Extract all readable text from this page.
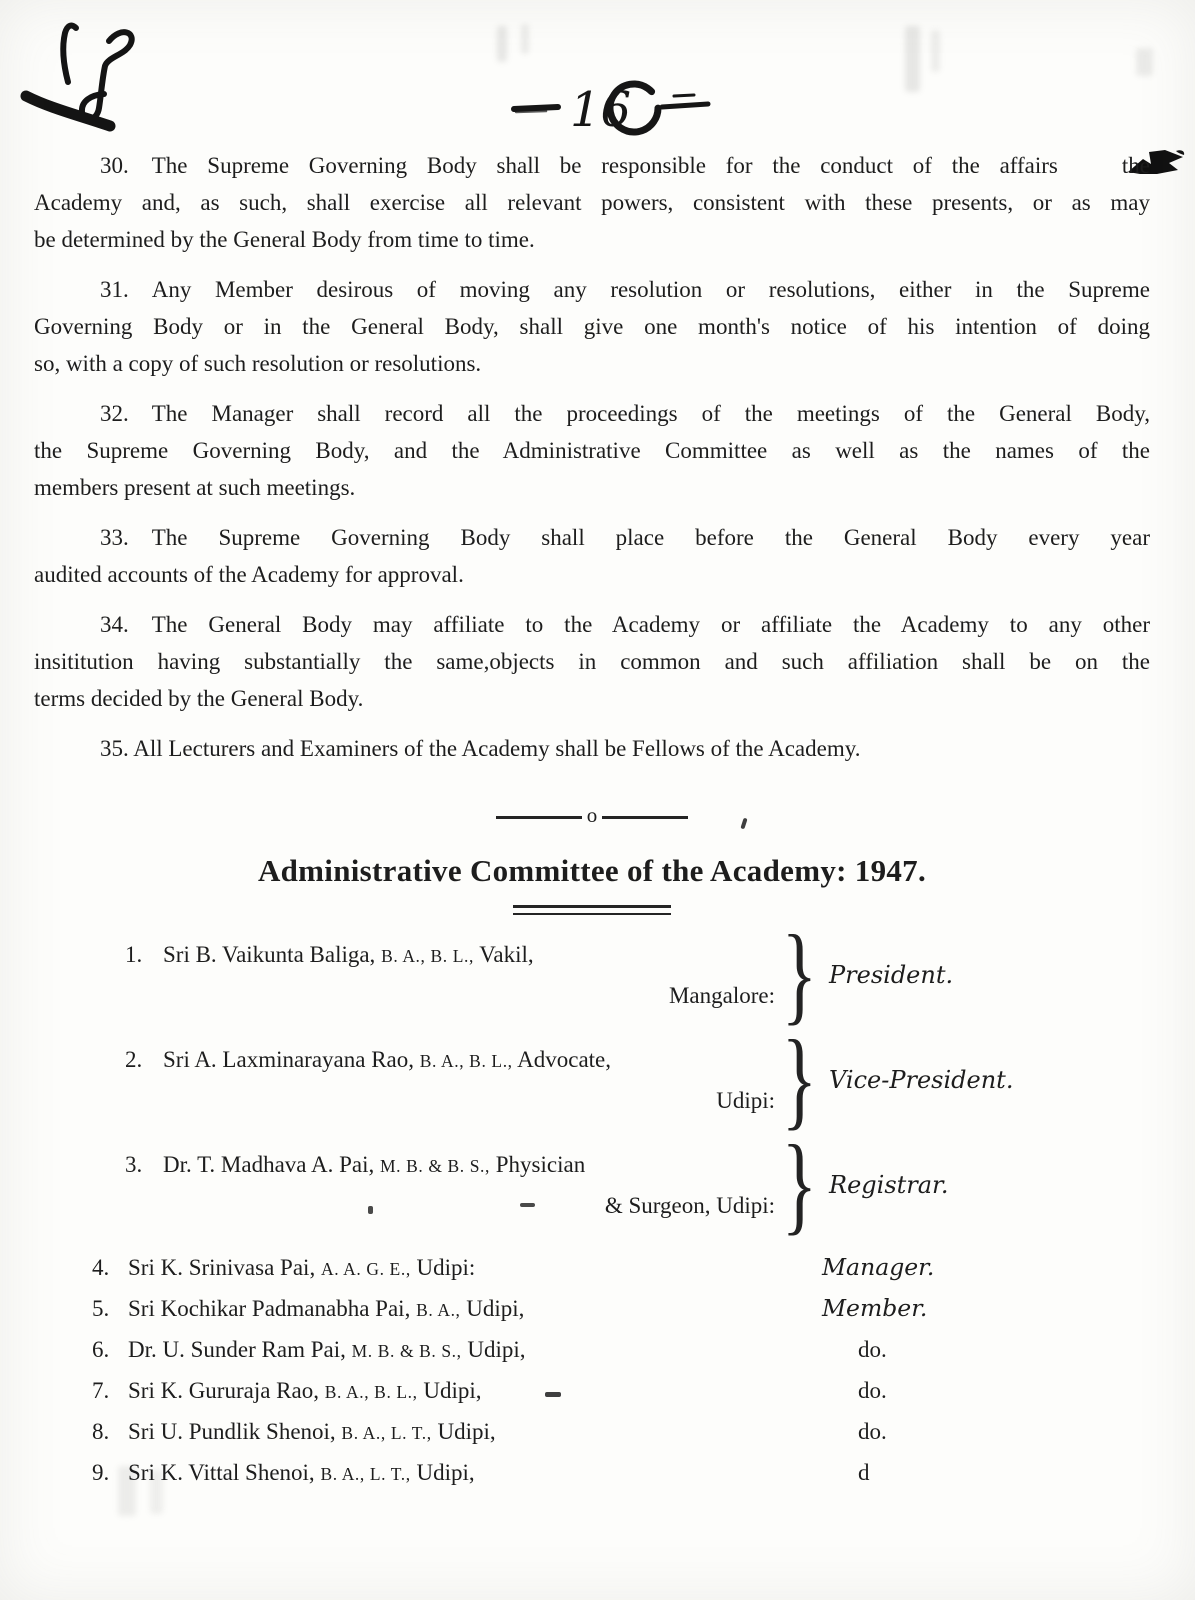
16
30. The Supreme Governing Body shall be responsible for the conduct of the affairs	the
Academy and, as such, shall exercise all relevant powers, consistent with these presents, or as may
be determined by the General Body from time to time.
31. Any Member desirous of moving any resolution or resolutions, either in the Supreme
Governing Body or in the General Body, shall give one month's notice of his intention of doing
so, with a copy of such resolution or resolutions.
32. The Manager shall record all the proceedings of the meetings of the General Body,
the Supreme Governing Body, and the Administrative Committee as well as the names of the
members present at such meetings.
33. The Supreme Governing Body shall place before the General Body every year
audited accounts of the Academy for approval.
34. The General Body may affiliate to the Academy or affiliate the Academy to any other
insititution having substantially the same,objects in common and such affiliation shall be on the
terms decided by the General Body.
35. All Lecturers and Examiners of the Academy shall be Fellows of the Academy.
o
Administrative Committee of the Academy: 1947.
1. Sri B. Vaikunta Baliga, B. A., B. L., Vakil,
Mangalore: } President.
2. Sri A. Laxminarayana Rao, B. A., B. L., Advocate,
Udipi: } Vice-President.
3. Dr. T. Madhava A. Pai, M. B. & B. S., Physician
& Surgeon, Udipi: } Registrar.
4. Sri K. Srinivasa Pai, A. A. G. E., Udipi:	Manager.
5. Sri Kochikar Padmanabha Pai, B. A., Udipi,	Member.
6. Dr. U. Sunder Ram Pai, M. B. & B. S., Udipi,	do.
7. Sri K. Gururaja Rao, B. A., B. L., Udipi,	do.
8. Sri U. Pundlik Shenoi, B. A., L. T., Udipi,	do.
9. Sri K. Vittal Shenoi, B. A., L. T., Udipi,	d
